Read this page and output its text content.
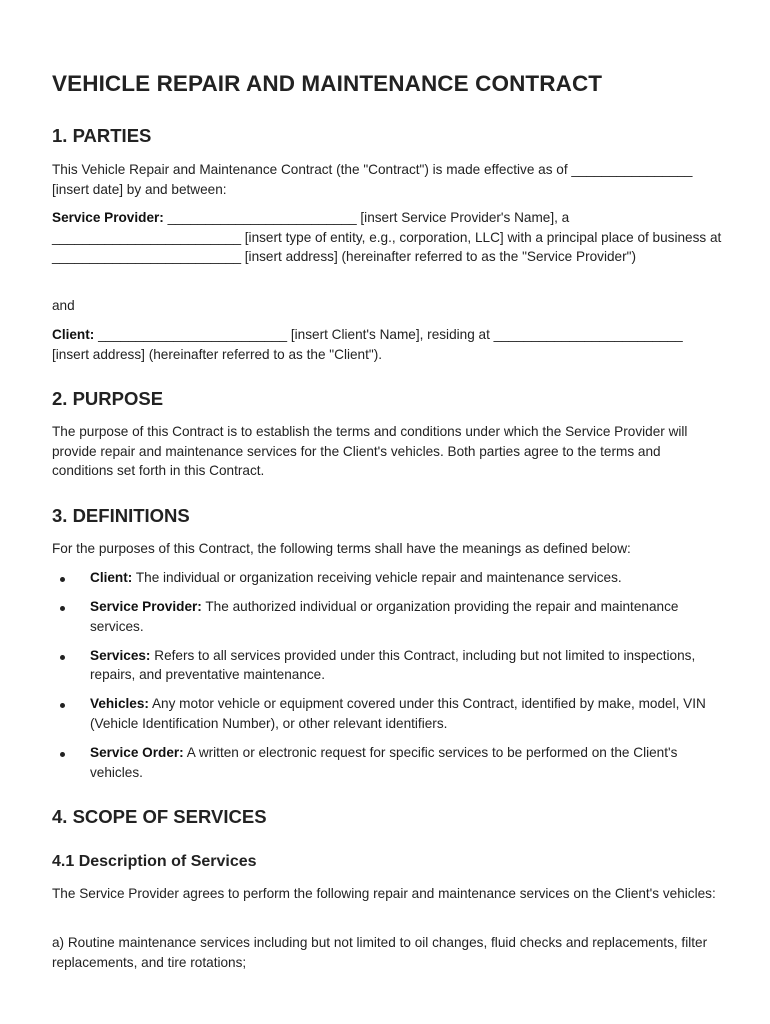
VEHICLE REPAIR AND MAINTENANCE CONTRACT
1. PARTIES

This Vehicle Repair and Maintenance Contract (the "Contract") is made effective as of ________________ [insert date] by and between:

Service Provider: _________________________ [insert Service Provider's Name], a _________________________ [insert type of entity, e.g., corporation, LLC] with a principal place of business at _________________________ [insert address] (hereinafter referred to as the "Service Provider")

and

Client: _________________________ [insert Client's Name], residing at _________________________ [insert address] (hereinafter referred to as the "Client").

2. PURPOSE

The purpose of this Contract is to establish the terms and conditions under which the Service Provider will provide repair and maintenance services for the Client's vehicles. Both parties agree to the terms and conditions set forth in this Contract.

3. DEFINITIONS

For the purposes of this Contract, the following terms shall have the meanings as defined below:

Client: The individual or organization receiving vehicle repair and maintenance services.
Service Provider: The authorized individual or organization providing the repair and maintenance services.
Services: Refers to all services provided under this Contract, including but not limited to inspections, repairs, and preventative maintenance.
Vehicles: Any motor vehicle or equipment covered under this Contract, identified by make, model, VIN (Vehicle Identification Number), or other relevant identifiers.
Service Order: A written or electronic request for specific services to be performed on the Client's vehicles.
4. SCOPE OF SERVICES
4.1 Description of Services

The Service Provider agrees to perform the following repair and maintenance services on the Client's vehicles:

a) Routine maintenance services including but not limited to oil changes, fluid checks and replacements, filter replacements, and tire rotations;
